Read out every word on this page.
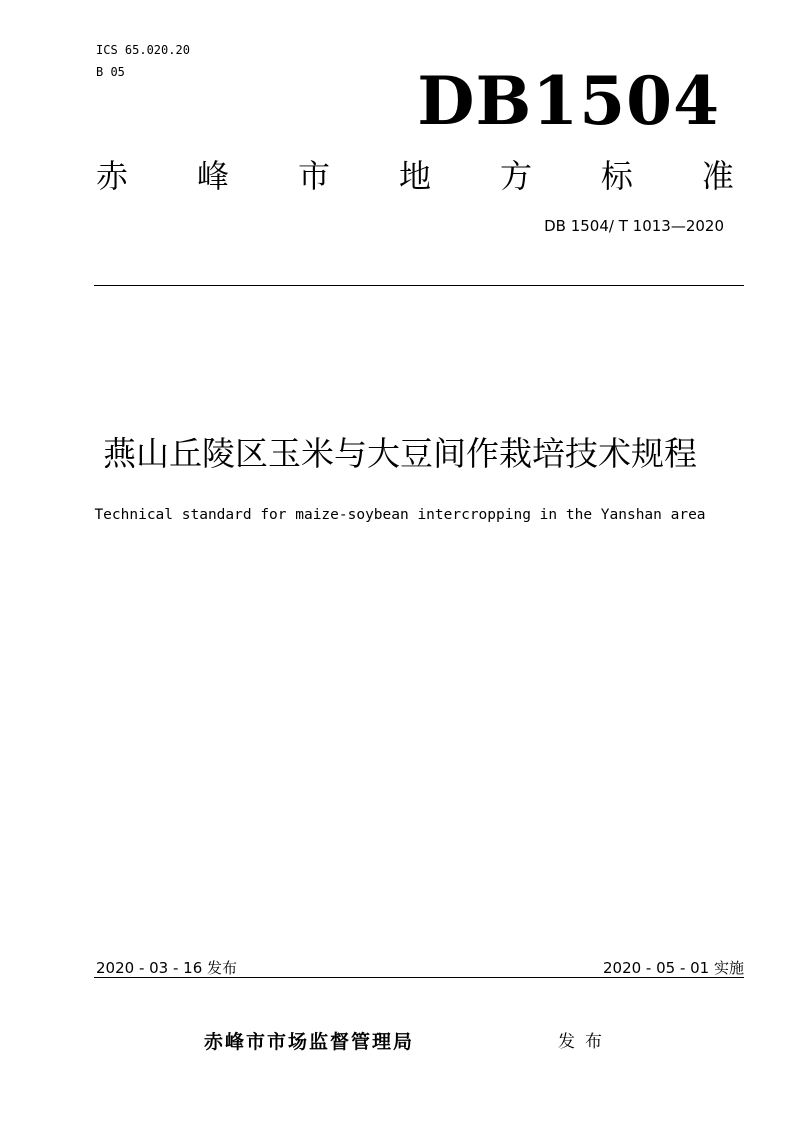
ICS 65.020.20
B 05	DB1504
赤 峰 市 地 方 标 准
DB 1504/ T 1013—2020
燕山丘陵区玉米与大豆间作栽培技术规程
Technical standard for maize-soybean intercropping in the Yanshan area
2020 - 03 - 16 发布	2020 - 05 - 01 实施
赤峰市市场监督管理局	发布
